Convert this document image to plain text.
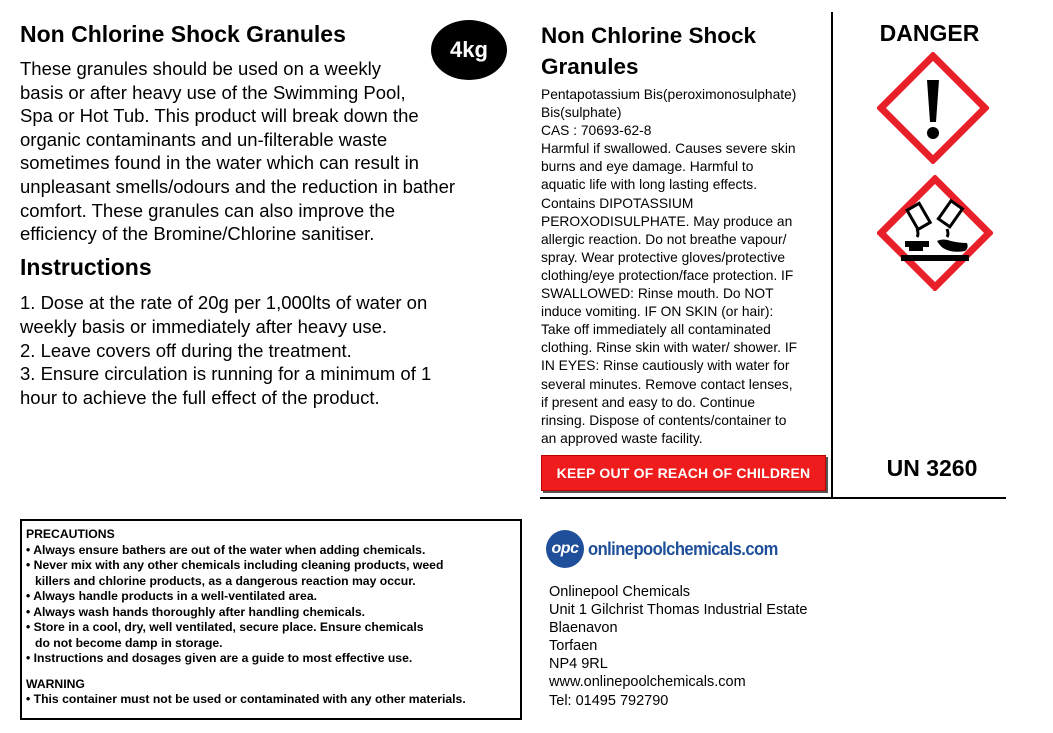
Non Chlorine Shock Granules
4kg
These granules should be used on a weekly
basis or after heavy use of the Swimming Pool,
Spa or Hot Tub. This product will break down the
organic contaminants and un-filterable waste
sometimes found in the water which can result in
unpleasant smells/odours and the reduction in bather
comfort. These granules can also improve the
efficiency of the Bromine/Chlorine sanitiser.
Instructions
1. Dose at the rate of 20g per 1,000lts of water on
weekly basis or immediately after heavy use.
2. Leave covers off during the treatment.
3. Ensure circulation is running for a minimum of 1
hour to achieve the full effect of the product.
Non Chlorine Shock
Granules
Pentapotassium Bis(peroximonosulphate)
Bis(sulphate)
CAS : 70693-62-8
Harmful if swallowed. Causes severe skin
burns and eye damage. Harmful to
aquatic life with long lasting effects.
Contains DIPOTASSIUM
PEROXODISULPHATE. May produce an
allergic reaction. Do not breathe vapour/
spray. Wear protective gloves/protective
clothing/eye protection/face protection. IF
SWALLOWED: Rinse mouth. Do NOT
induce vomiting. IF ON SKIN (or hair):
Take off immediately all contaminated
clothing. Rinse skin with water/ shower. IF
IN EYES: Rinse cautiously with water for
several minutes. Remove contact lenses,
if present and easy to do. Continue
rinsing. Dispose of contents/container to
an approved waste facility.
KEEP OUT OF REACH OF CHILDREN
DANGER
UN 3260
PRECAUTIONS
• Always ensure bathers are out of the water when adding chemicals.
• Never mix with any other chemicals including cleaning products, weed
killers and chlorine products, as a dangerous reaction may occur.
• Always handle products in a well-ventilated area.
• Always wash hands thoroughly after handling chemicals.
• Store in a cool, dry, well ventilated, secure place. Ensure chemicals
do not become damp in storage.
• Instructions and dosages given are a guide to most effective use.
WARNING
• This container must not be used or contaminated with any other materials.
opc onlinepoolchemicals.com
Onlinepool Chemicals
Unit 1 Gilchrist Thomas Industrial Estate
Blaenavon
Torfaen
NP4 9RL
www.onlinepoolchemicals.com
Tel: 01495 792790
